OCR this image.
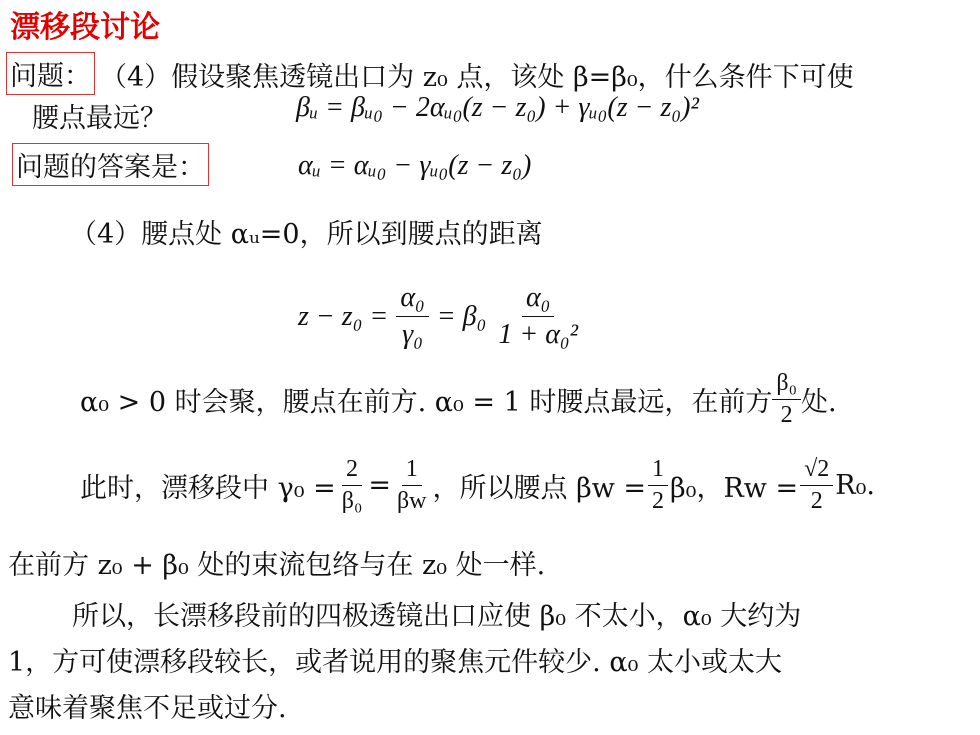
漂移段讨论
问题： （4）假设聚焦透镜出口为 z₀ 点，该处 β=β₀，什么条件下可使
腰点最远？	βᵤ = βᵤ₀ − 2αᵤ₀(z − z₀) + γᵤ₀(z − z₀)²
问题的答案是：	αᵤ = αᵤ₀ − γᵤ₀(z − z₀)
（4）腰点处 αᵤ=0，所以到腰点的距离
$z - z_0 = \frac{\text{α₀}}{\text{γ₀}} = \beta_0 \frac{\text{α₀}}{\text{1 + α₀²}}$
α₀ > 0 时会聚，腰点在前方. α₀ = 1 时腰点最远，在前方 $\frac{\text{β₀}}{2}$ 处.
此时，漂移段中 $\gamma_0 = \frac{2}{\text{β₀}} = \frac{1}{\beta w}$ ，所以腰点 $\beta w = \frac{1}{2} \beta_0$，$Rw = \frac{√2}{2} R_0$.
在前方 z₀ + β₀ 处的束流包络与在 z₀ 处一样.
所以，长漂移段前的四极透镜出口应使 β₀ 不太小，α₀ 大约为
1，方可使漂移段较长，或者说用的聚焦元件较少. α₀ 太小或太大
意味着聚焦不足或过分.
